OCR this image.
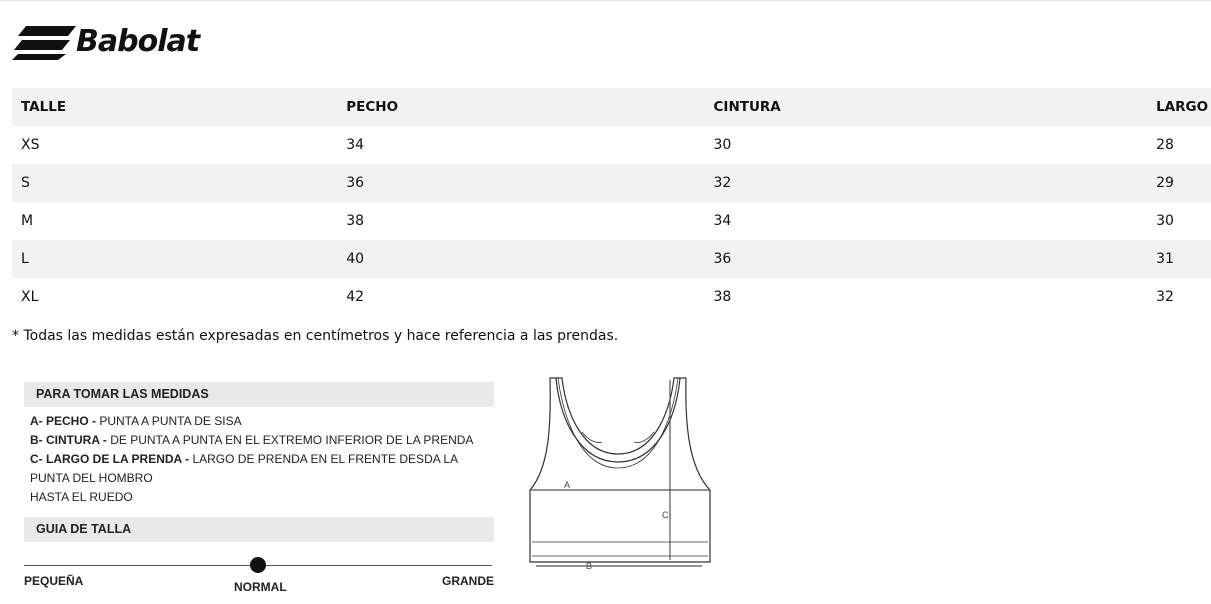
Babolat
TALLE	PECHO	CINTURA	LARGO
XS	34	30	28
S	36	32	29
M	38	34	30
L	40	36	31
XL	42	38	32
* Todas las medidas están expresadas en centímetros y hace referencia a las prendas.
PARA TOMAR LAS MEDIDAS
A- PECHO - PUNTA A PUNTA DE SISA
B- CINTURA - DE PUNTA A PUNTA EN EL EXTREMO INFERIOR DE LA PRENDA
C- LARGO DE LA PRENDA - LARGO DE PRENDA EN EL FRENTE DESDA LA PUNTA DEL HOMBRO
HASTA EL RUEDO
GUIA DE TALLA
PEQUEÑA	NORMAL	GRANDE
A
C
B
